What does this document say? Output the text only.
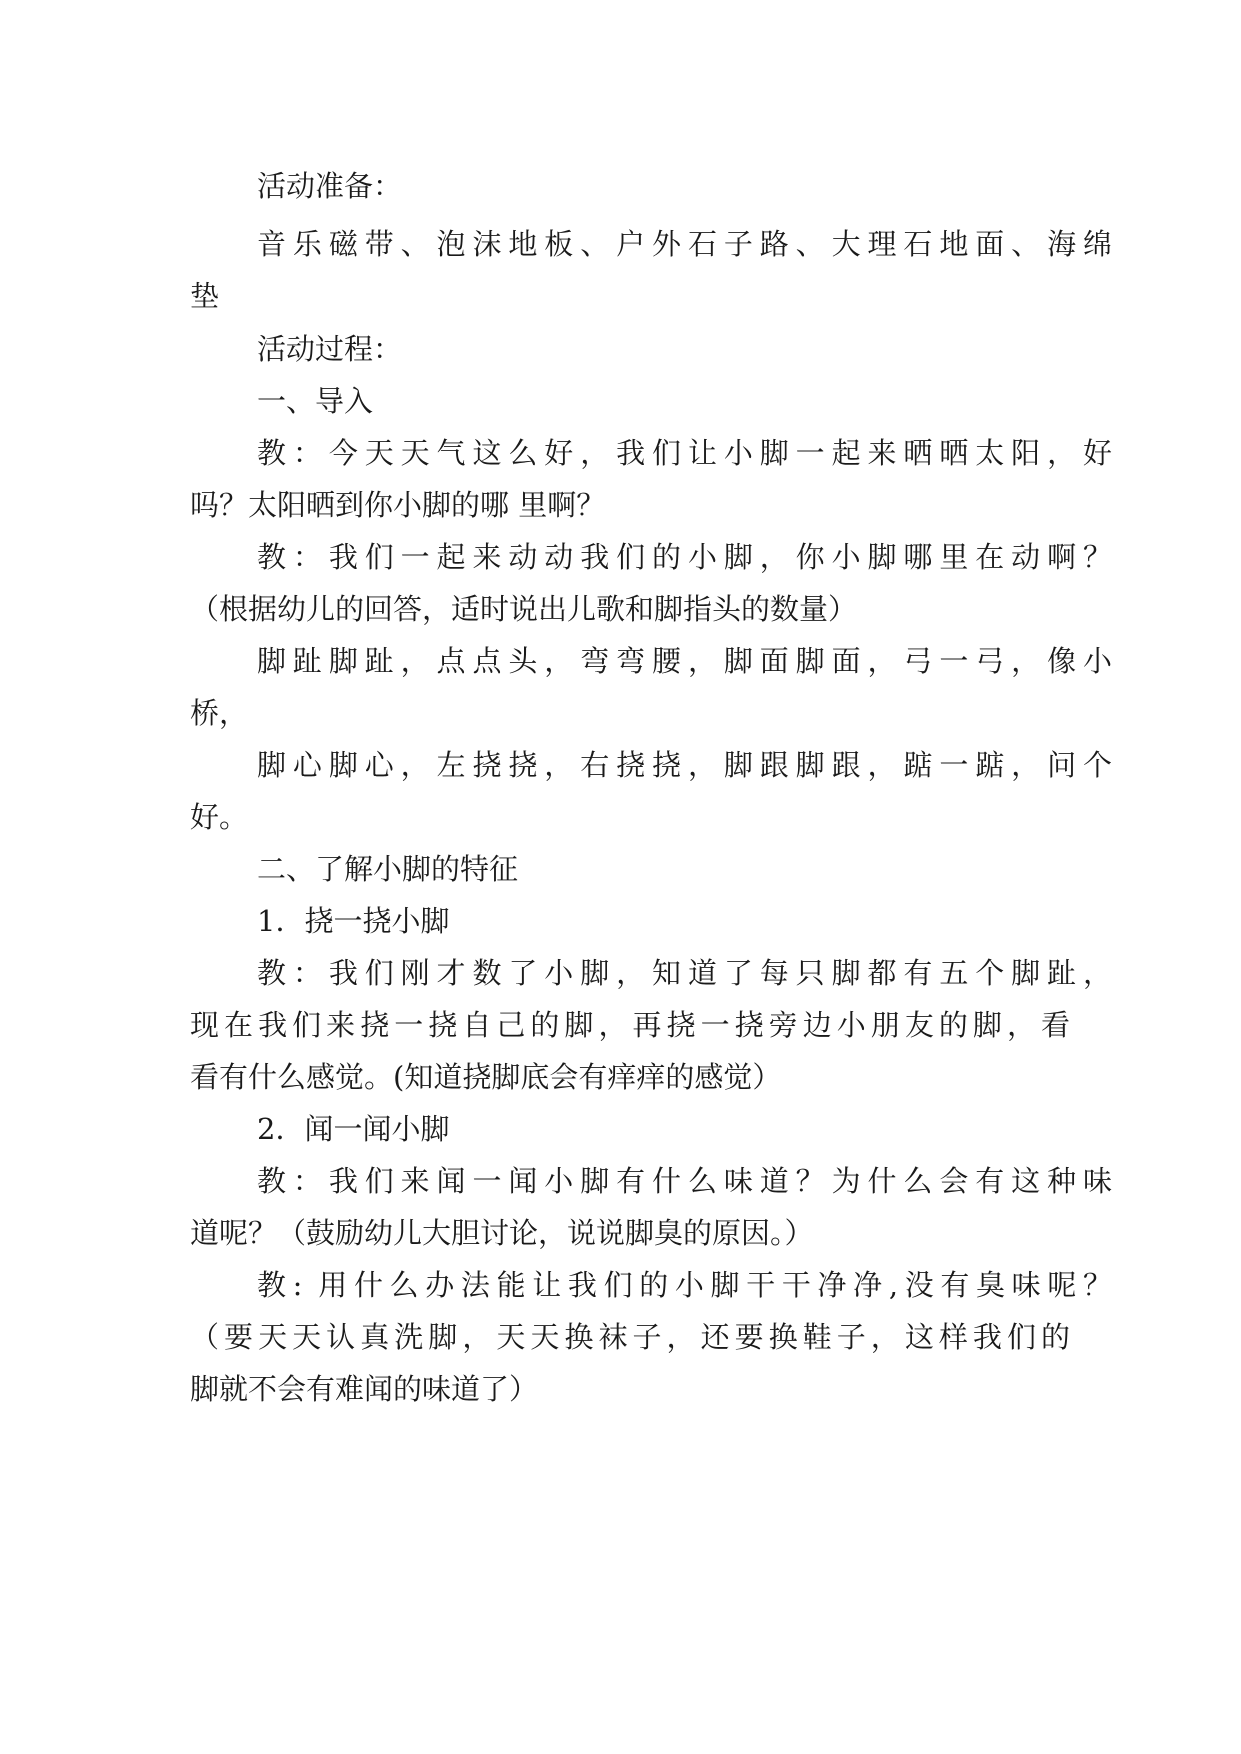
活动准备：
音乐磁带、泡沫地板、户外石子路、大理石地面、海绵
垫
活动过程：
一、导入
教：今天天气这么好，我们让小脚一起来晒晒太阳，好
吗？太阳晒到你小脚的哪 里啊？
教：我们一起来动动我们的小脚，你小脚哪里在动啊？
（根据幼儿的回答，适时说出儿歌和脚指头的数量）
脚趾脚趾，点点头，弯弯腰，脚面脚面，弓一弓，像小
桥，
脚心脚心，左挠挠，右挠挠，脚跟脚跟，踮一踮，问个
好。
二、了解小脚的特征
1．挠一挠小脚
教：我们刚才数了小脚，知道了每只脚都有五个脚趾，
现在我们来挠一挠自己的脚，再挠一挠旁边小朋友的脚，看
看有什么感觉。(知道挠脚底会有痒痒的感觉）
2．闻一闻小脚
教：我们来闻一闻小脚有什么味道？为什么会有这种味
道呢？（鼓励幼儿大胆讨论，说说脚臭的原因。）
教: 用什么办法能让我们的小脚干干净净,没有臭味呢？
（要天天认真洗脚，天天换袜子，还要换鞋子，这样我们的
脚就不会有难闻的味道了）
